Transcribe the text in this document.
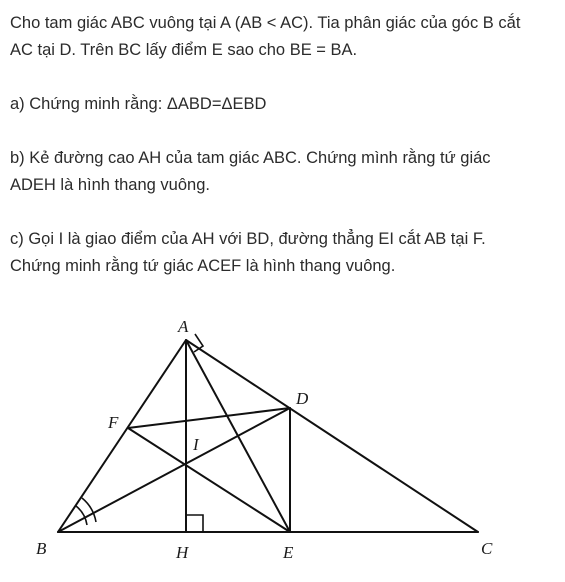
Cho tam giác ABC vuông tại A (AB < AC). Tia phân giác của góc B cắt
AC tại D. Trên BC lấy điểm E sao cho BE = BA.

a) Chứng minh rằng: ΔABD=ΔEBD

b) Kẻ đường cao AH của tam giác ABC. Chứng mình rằng tứ giác
ADEH là hình thang vuông.

c) Gọi I là giao điểm của AH với BD, đường thẳng EI cắt AB tại F.
Chứng minh rằng tứ giác ACEF là hình thang vuông.

A
B	C
D
E
F
H
I
